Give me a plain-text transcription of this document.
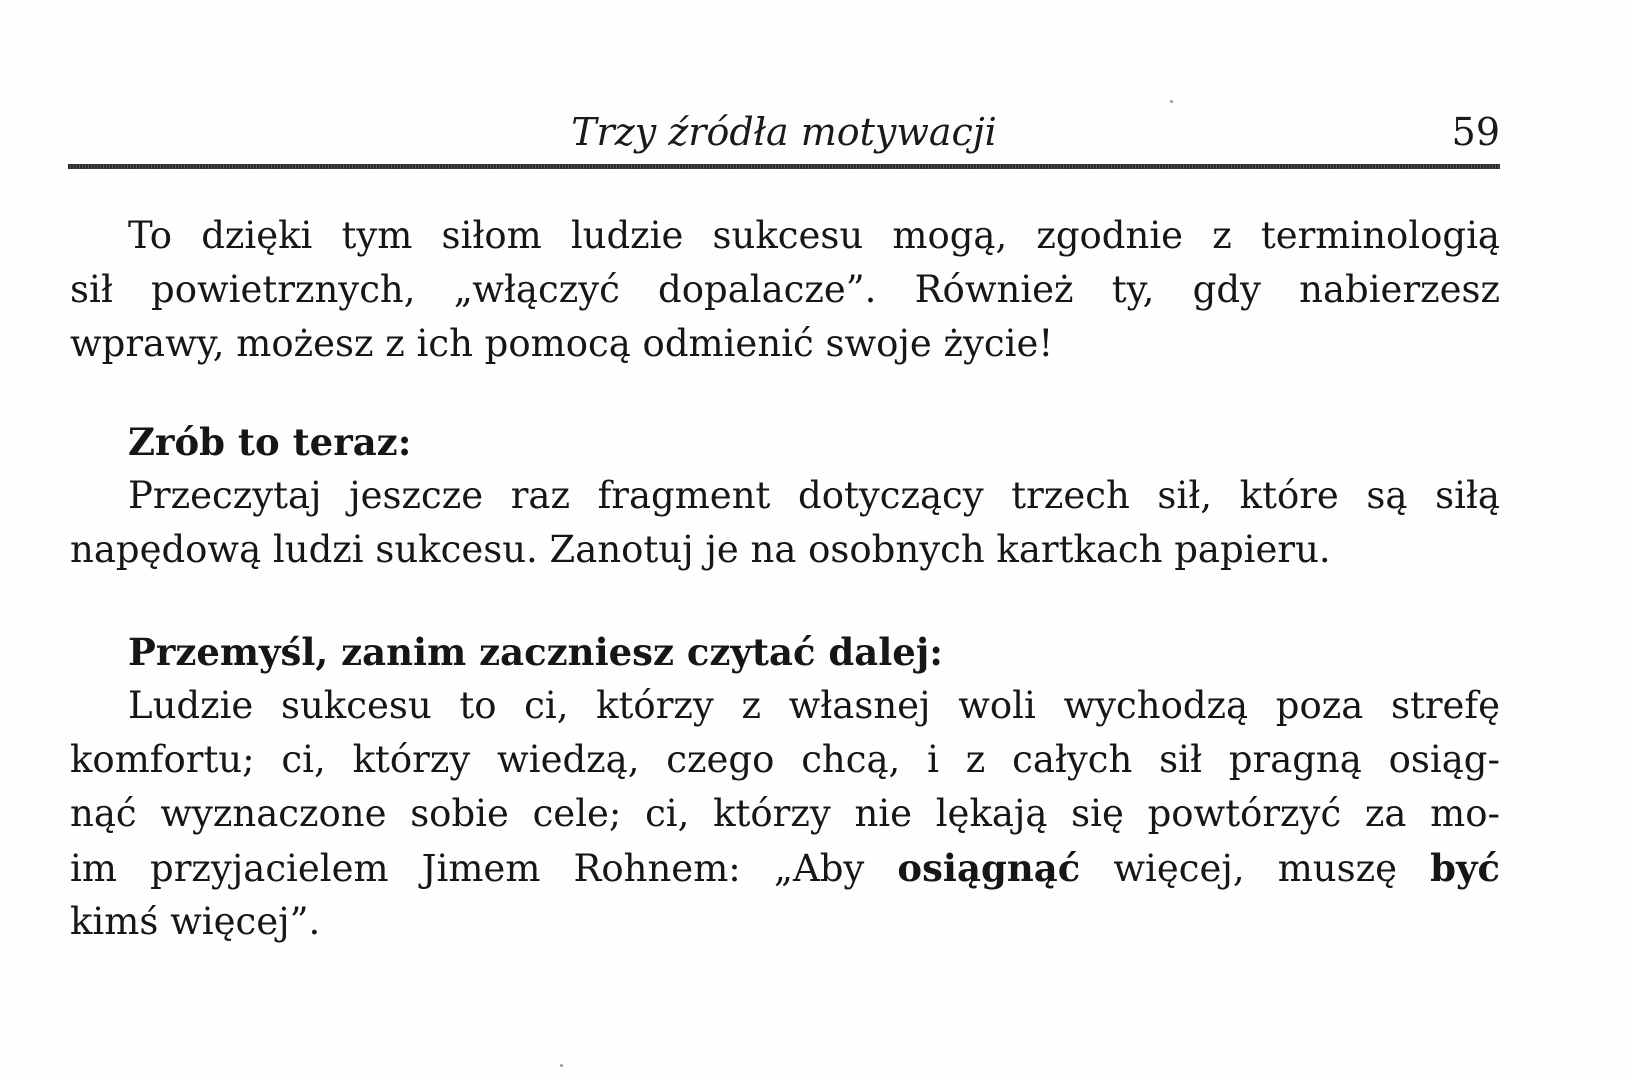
Trzy źródła motywacji	59
To dzięki tym siłom ludzie sukcesu mogą, zgodnie z terminologią
sił powietrznych, „włączyć dopalacze”. Również ty, gdy nabierzesz
wprawy, możesz z ich pomocą odmienić swoje życie!
Zrób to teraz:
Przeczytaj jeszcze raz fragment dotyczący trzech sił, które są siłą
napędową ludzi sukcesu. Zanotuj je na osobnych kartkach papieru.
Przemyśl, zanim zaczniesz czytać dalej:
Ludzie sukcesu to ci, którzy z własnej woli wychodzą poza strefę
komfortu; ci, którzy wiedzą, czego chcą, i z całych sił pragną osiąg-
nąć wyznaczone sobie cele; ci, którzy nie lękają się powtórzyć za mo-
im przyjacielem Jimem Rohnem: „Aby osiągnąć więcej, muszę być
kimś więcej”.
